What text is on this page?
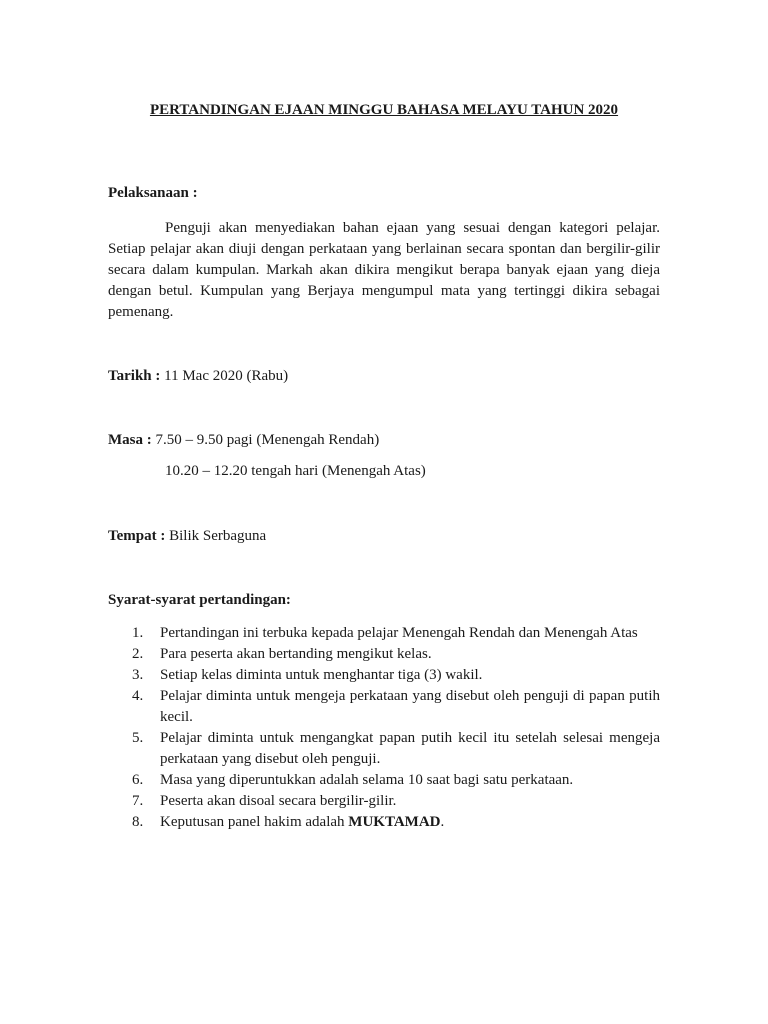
PERTANDINGAN EJAAN MINGGU BAHASA MELAYU TAHUN 2020
Pelaksanaan :
Penguji akan menyediakan bahan ejaan yang sesuai dengan kategori pelajar. Setiap pelajar akan diuji dengan perkataan yang berlainan secara spontan dan bergilir-gilir secara dalam kumpulan. Markah akan dikira mengikut berapa banyak ejaan yang dieja dengan betul. Kumpulan yang Berjaya mengumpul mata yang tertinggi dikira sebagai pemenang.
Tarikh : 11 Mac 2020 (Rabu)
Masa : 7.50 – 9.50 pagi (Menengah Rendah)
10.20 – 12.20 tengah hari (Menengah Atas)
Tempat : Bilik Serbaguna
Syarat-syarat pertandingan:
1. Pertandingan ini terbuka kepada pelajar Menengah Rendah dan Menengah Atas
2. Para peserta akan bertanding mengikut kelas.
3. Setiap kelas diminta untuk menghantar tiga (3) wakil.
4. Pelajar diminta untuk mengeja perkataan yang disebut oleh penguji di papan putih kecil.
5. Pelajar diminta untuk mengangkat papan putih kecil itu setelah selesai mengeja perkataan yang disebut oleh penguji.
6. Masa yang diperuntukkan adalah selama 10 saat bagi satu perkataan.
7. Peserta akan disoal secara bergilir-gilir.
8. Keputusan panel hakim adalah MUKTAMAD.
